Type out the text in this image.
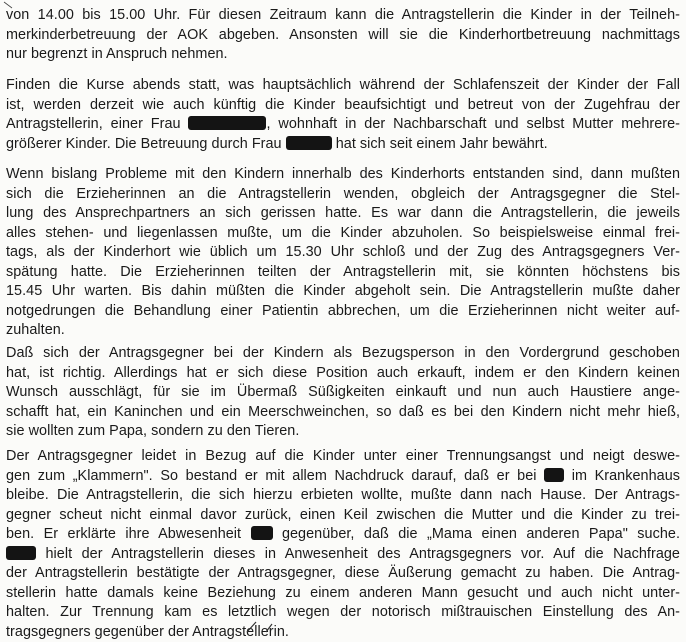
von 14.00 bis 15.00 Uhr. Für diesen Zeitraum kann die Antragstellerin die Kinder in der Teilneh-
merkinderbetreuung der AOK abgeben. Ansonsten will sie die Kinderhortbetreuung nachmittags
nur begrenzt in Anspruch nehmen.

Finden die Kurse abends statt, was hauptsächlich während der Schlafenszeit der Kinder der Fall
ist, werden derzeit wie auch künftig die Kinder beaufsichtigt und betreut von der Zugehfrau der
Antragstellerin, einer Frau	, wohnhaft in der Nachbarschaft und selbst Mutter mehrere-
größerer Kinder. Die Betreuung durch Frau	hat sich seit einem Jahr bewährt.

Wenn bislang Probleme mit den Kindern innerhalb des Kinderhorts entstanden sind, dann mußten
sich die Erzieherinnen an die Antragstellerin wenden, obgleich der Antragsgegner die Stel-
lung des Ansprechpartners an sich gerissen hatte. Es war dann die Antragstellerin, die jeweils
alles stehen- und liegenlassen mußte, um die Kinder abzuholen. So beispielsweise einmal frei-
tags, als der Kinderhort wie üblich um 15.30 Uhr schloß und der Zug des Antragsgegners Ver-
spätung hatte. Die Erzieherinnen teilten der Antragstellerin mit, sie könnten höchstens bis
15.45 Uhr warten. Bis dahin müßten die Kinder abgeholt sein. Die Antragstellerin mußte daher
notgedrungen die Behandlung einer Patientin abbrechen, um die Erzieherinnen nicht weiter auf-
zuhalten.

Daß sich der Antragsgegner bei der Kindern als Bezugsperson in den Vordergrund geschoben
hat, ist richtig. Allerdings hat er sich diese Position auch erkauft, indem er den Kindern keinen
Wunsch ausschlägt, für sie im Übermaß Süßigkeiten einkauft und nun auch Haustiere ange-
schafft hat, ein Kaninchen und ein Meerschweinchen, so daß es bei den Kindern nicht mehr hieß,
sie wollten zum Papa, sondern zu den Tieren.

Der Antragsgegner leidet in Bezug auf die Kinder unter einer Trennungsangst und neigt deswe-
gen zum „Klammern". So bestand er mit allem Nachdruck darauf, daß er bei  im Krankenhaus
bleibe. Die Antragstellerin, die sich hierzu erbieten wollte, mußte dann nach Hause. Der Antrags-
gegner scheut nicht einmal davor zurück, einen Keil zwischen die Mutter und die Kinder zu trei-
ben. Er erklärte ihre Abwesenheit  gegenüber, daß die „Mama einen anderen Papa" suche.
hielt der Antragstellerin dieses in Anwesenheit des Antragsgegners vor. Auf die Nachfrage
der Antragstellerin bestätigte der Antragsgegner, diese Äußerung gemacht zu haben. Die Antrag-
stellerin hatte damals keine Beziehung zu einem anderen Mann gesucht und auch nicht unter-
halten. Zur Trennung kam es letztlich wegen der notorisch mißtrauischen Einstellung des An-
tragsgegners gegenüber der Antragstellerin.
